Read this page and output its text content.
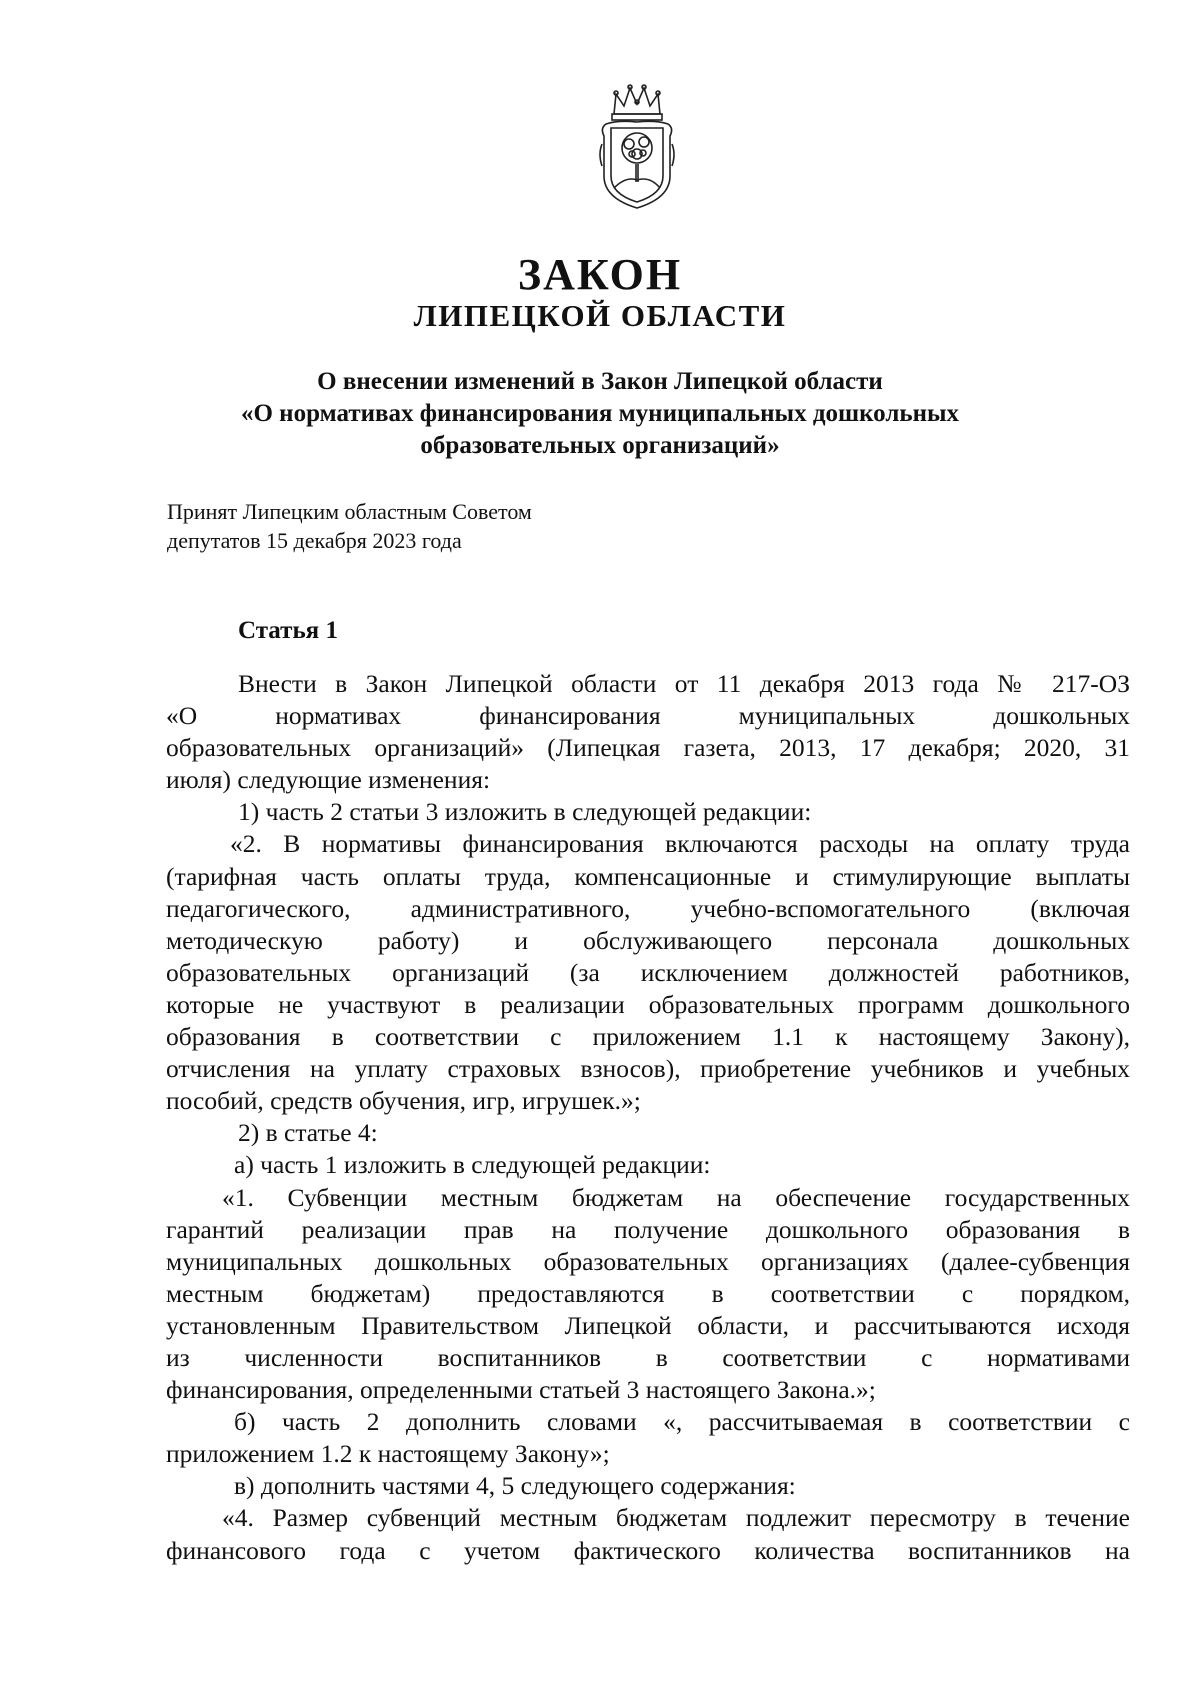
ЗАКОН
ЛИПЕЦКОЙ ОБЛАСТИ
О внесении изменений в Закон Липецкой области
«О нормативах финансирования муниципальных дошкольных
образовательных организаций»
Принят Липецким областным Советом
депутатов 15 декабря 2023 года
Статья 1
Внести в Закон Липецкой области от 11 декабря 2013 года № 217-ОЗ
«О нормативах финансирования муниципальных дошкольных
образовательных организаций» (Липецкая газета, 2013, 17 декабря; 2020, 31
июля) следующие изменения:
1) часть 2 статьи 3 изложить в следующей редакции:
«2. В нормативы финансирования включаются расходы на оплату труда
(тарифная часть оплаты труда, компенсационные и стимулирующие выплаты
педагогического, административного, учебно-вспомогательного (включая
методическую работу) и обслуживающего персонала дошкольных
образовательных организаций (за исключением должностей работников,
которые не участвуют в реализации образовательных программ дошкольного
образования в соответствии с приложением 1.1 к настоящему Закону),
отчисления на уплату страховых взносов), приобретение учебников и учебных
пособий, средств обучения, игр, игрушек.»;
2) в статье 4:
а) часть 1 изложить в следующей редакции:
«1. Субвенции местным бюджетам на обеспечение государственных
гарантий реализации прав на получение дошкольного образования в
муниципальных дошкольных образовательных организациях (далее-субвенция
местным бюджетам) предоставляются в соответствии с порядком,
установленным Правительством Липецкой области, и рассчитываются исходя
из численности воспитанников в соответствии с нормативами
финансирования, определенными статьей 3 настоящего Закона.»;
б) часть 2 дополнить словами «, рассчитываемая в соответствии с
приложением 1.2 к настоящему Закону»;
в) дополнить частями 4, 5 следующего содержания:
«4. Размер субвенций местным бюджетам подлежит пересмотру в течение
финансового года с учетом фактического количества воспитанников на
